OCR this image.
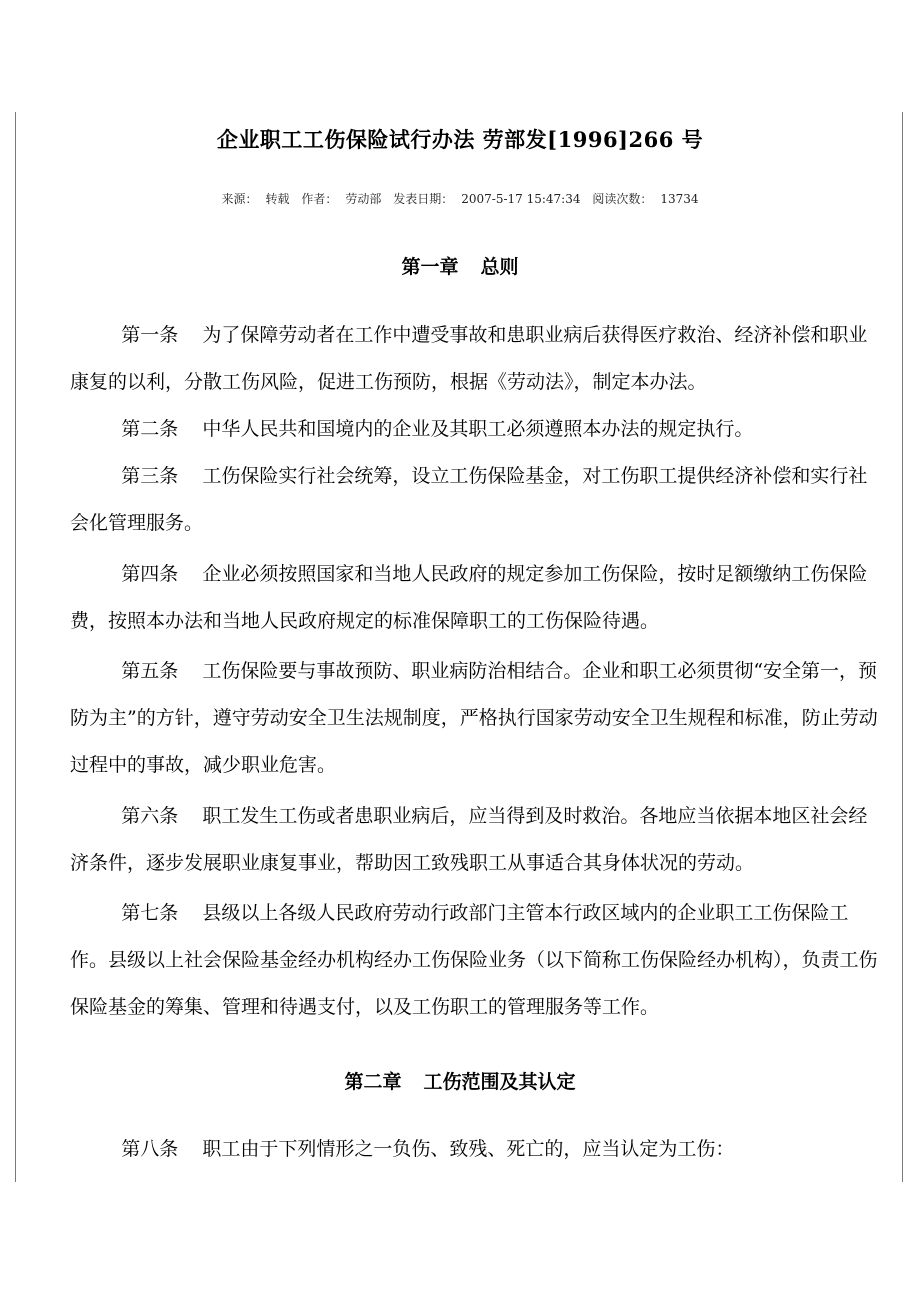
企业职工工伤保险试行办法 劳部发[1996]266 号
来源： 转载 作者： 劳动部 发表日期： 2007-5-17 15:47:34 阅读次数： 13734
第一章 总则
第一条 为了保障劳动者在工作中遭受事故和患职业病后获得医疗救治、经济补偿和职业康复的以利，分散工伤风险，促进工伤预防，根据《劳动法》，制定本办法。
第二条 中华人民共和国境内的企业及其职工必须遵照本办法的规定执行。
第三条 工伤保险实行社会统筹，设立工伤保险基金，对工伤职工提供经济补偿和实行社会化管理服务。
第四条 企业必须按照国家和当地人民政府的规定参加工伤保险，按时足额缴纳工伤保险费，按照本办法和当地人民政府规定的标准保障职工的工伤保险待遇。
第五条 工伤保险要与事故预防、职业病防治相结合。企业和职工必须贯彻“安全第一，预防为主”的方针，遵守劳动安全卫生法规制度，严格执行国家劳动安全卫生规程和标准，防止劳动过程中的事故，减少职业危害。
第六条 职工发生工伤或者患职业病后，应当得到及时救治。各地应当依据本地区社会经济条件，逐步发展职业康复事业，帮助因工致残职工从事适合其身体状况的劳动。
第七条 县级以上各级人民政府劳动行政部门主管本行政区域内的企业职工工伤保险工作。县级以上社会保险基金经办机构经办工伤保险业务（以下简称工伤保险经办机构），负责工伤保险基金的筹集、管理和待遇支付，以及工伤职工的管理服务等工作。
第二章 工伤范围及其认定
第八条 职工由于下列情形之一负伤、致残、死亡的，应当认定为工伤：
